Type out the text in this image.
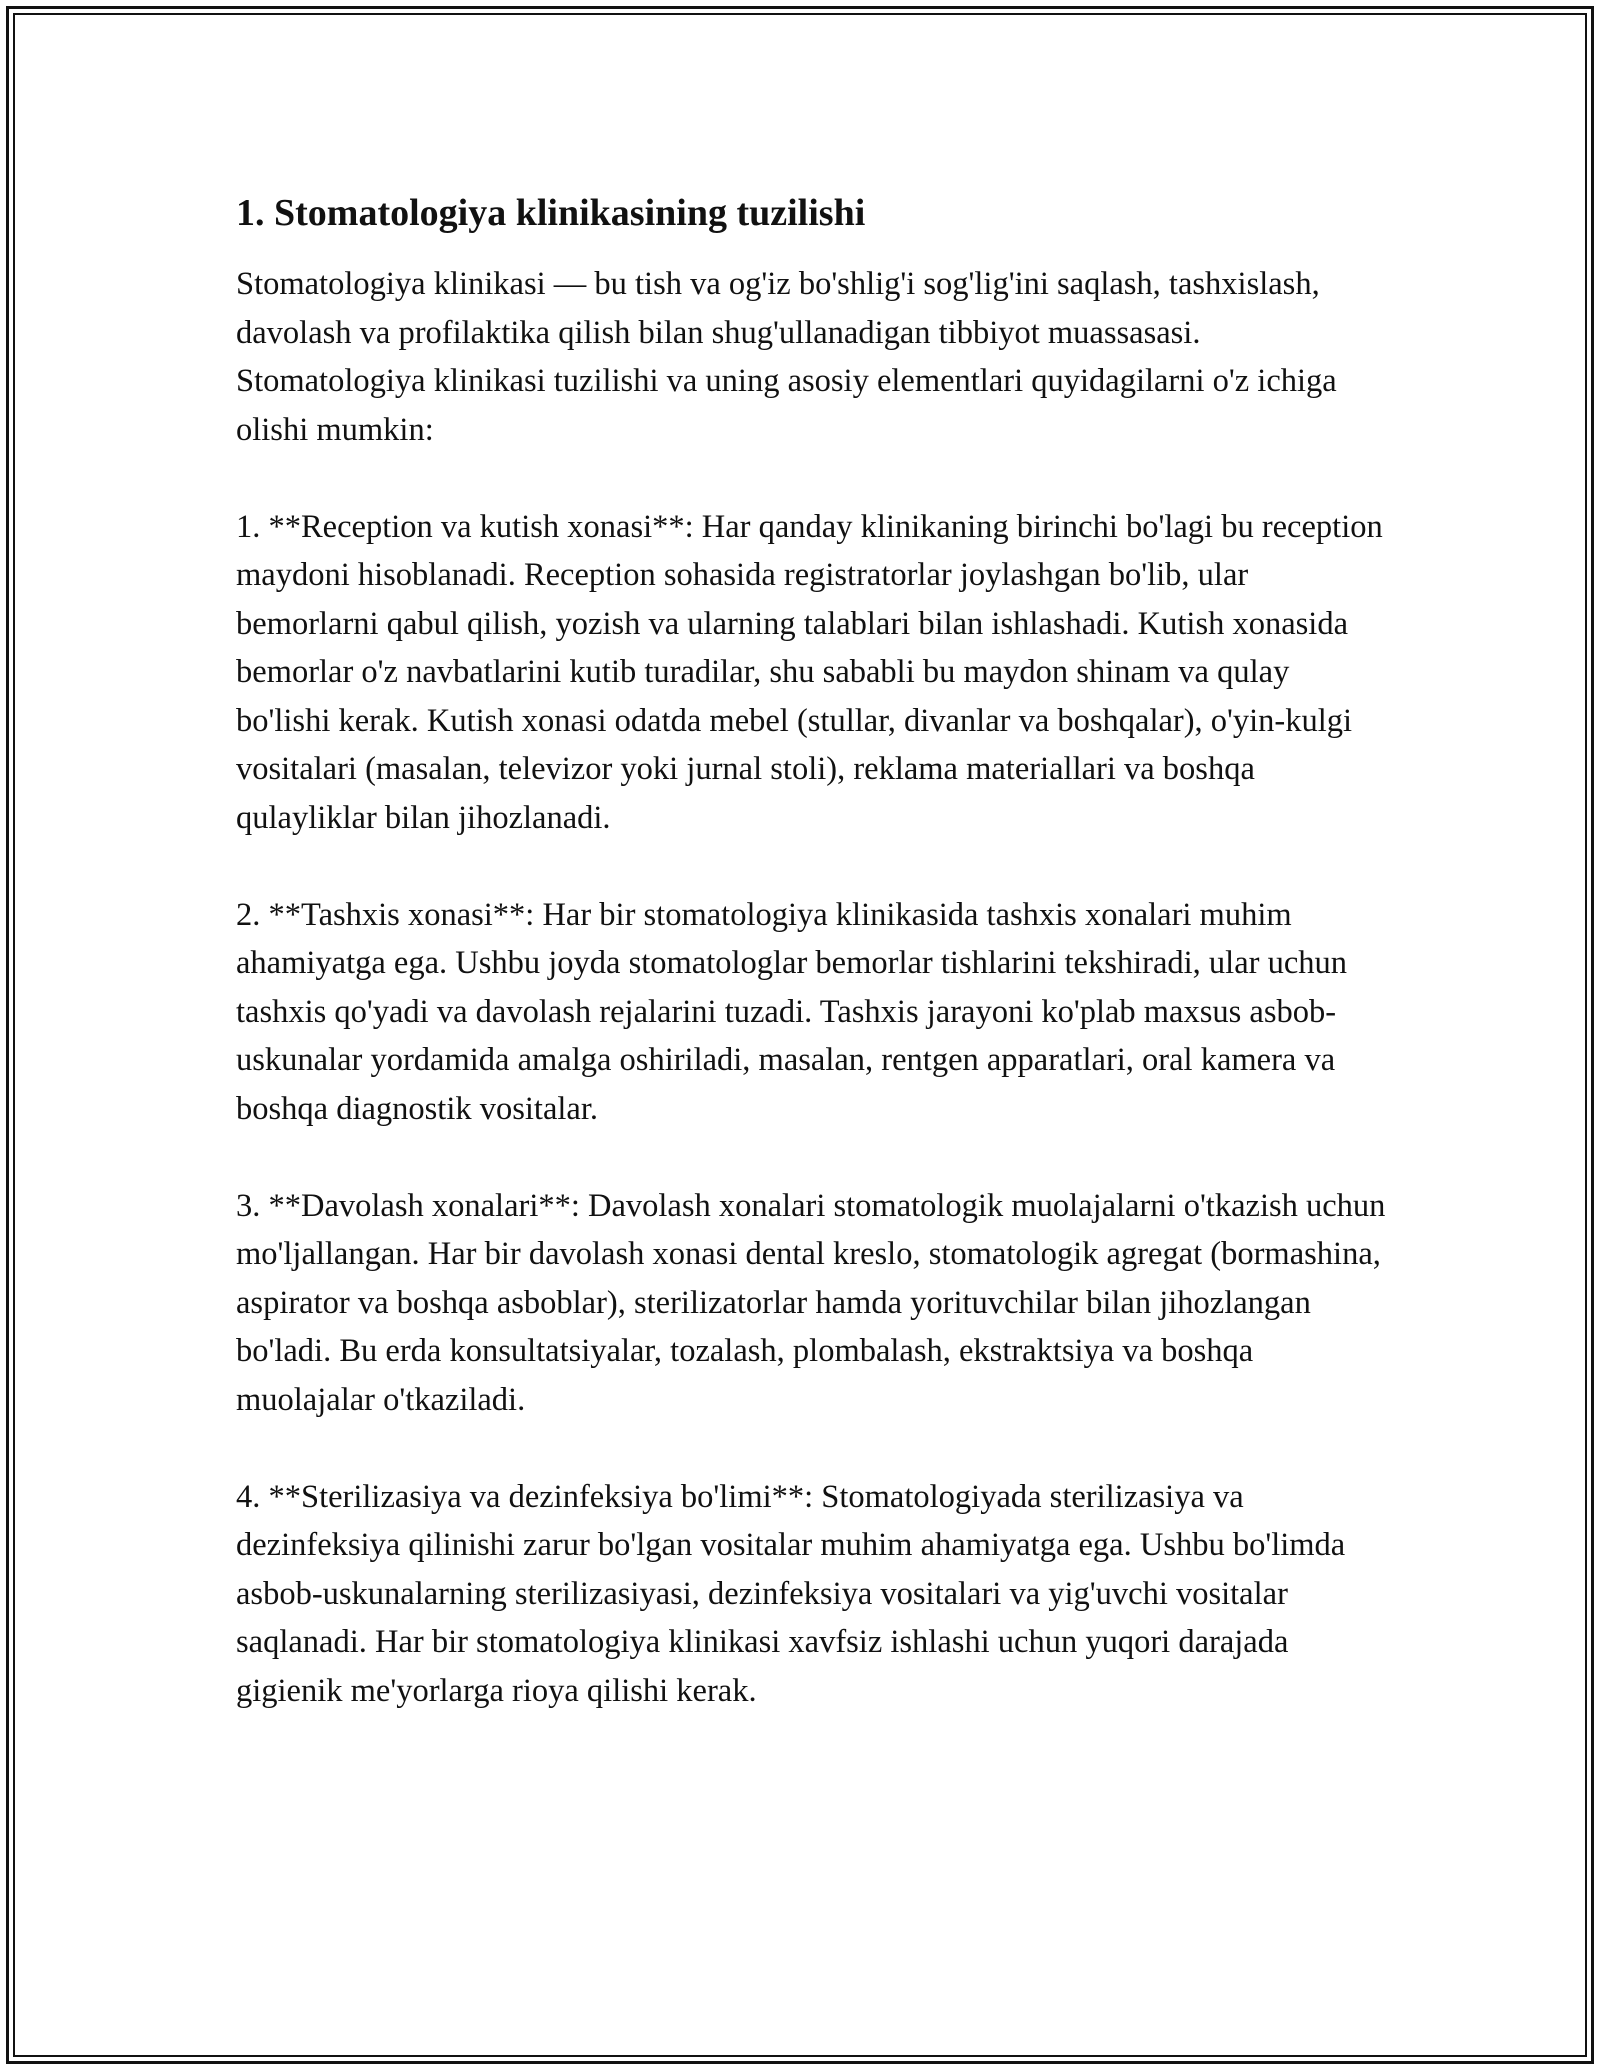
1. Stomatologiya klinikasining tuzilishi

Stomatologiya klinikasi — bu tish va og'iz bo'shlig'i sog'lig'ini saqlash, tashxislash, davolash va profilaktika qilish bilan shug'ullanadigan tibbiyot muassasasi. Stomatologiya klinikasi tuzilishi va uning asosiy elementlari quyidagilarni o'z ichiga olishi mumkin:

1. **Reception va kutish xonasi**: Har qanday klinikaning birinchi bo'lagi bu reception maydoni hisoblanadi. Reception sohasida registratorlar joylashgan bo'lib, ular bemorlarni qabul qilish, yozish va ularning talablari bilan ishlashadi. Kutish xonasida bemorlar o'z navbatlarini kutib turadilar, shu sababli bu maydon shinam va qulay bo'lishi kerak. Kutish xonasi odatda mebel (stullar, divanlar va boshqalar), o'yin-kulgi vositalari (masalan, televizor yoki jurnal stoli), reklama materiallari va boshqa qulayliklar bilan jihozlanadi.

2. **Tashxis xonasi**: Har bir stomatologiya klinikasida tashxis xonalari muhim ahamiyatga ega. Ushbu joyda stomatologlar bemorlar tishlarini tekshiradi, ular uchun tashxis qo'yadi va davolash rejalarini tuzadi. Tashxis jarayoni ko'plab maxsus asbob-uskunalar yordamida amalga oshiriladi, masalan, rentgen apparatlari, oral kamera va boshqa diagnostik vositalar.

3. **Davolash xonalari**: Davolash xonalari stomatologik muolajalarni o'tkazish uchun mo'ljallangan. Har bir davolash xonasi dental kreslo, stomatologik agregat (bormashina, aspirator va boshqa asboblar), sterilizatorlar hamda yorituvchilar bilan jihozlangan bo'ladi. Bu erda konsultatsiyalar, tozalash, plombalash, ekstraktsiya va boshqa muolajalar o'tkaziladi.

4. **Sterilizasiya va dezinfeksiya bo'limi**: Stomatologiyada sterilizasiya va dezinfeksiya qilinishi zarur bo'lgan vositalar muhim ahamiyatga ega. Ushbu bo'limda asbob-uskunalarning sterilizasiyasi, dezinfeksiya vositalari va yig'uvchi vositalar saqlanadi. Har bir stomatologiya klinikasi xavfsiz ishlashi uchun yuqori darajada gigienik me'yorlarga rioya qilishi kerak.
